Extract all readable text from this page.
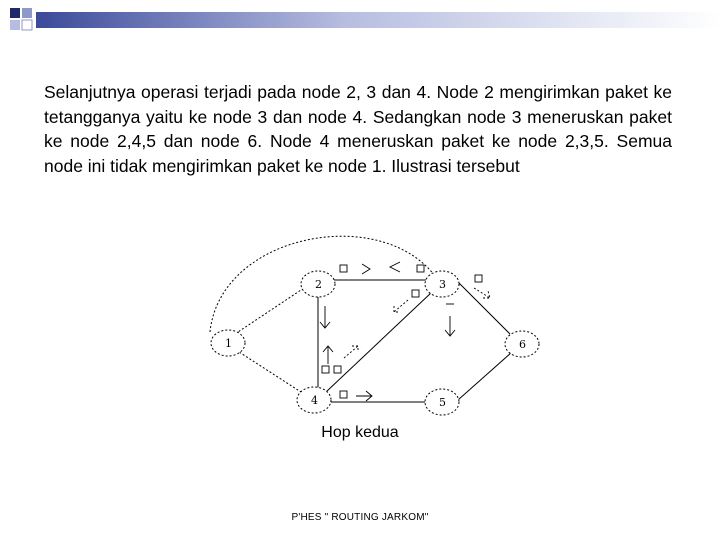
Selanjutnya operasi terjadi pada node 2, 3 dan 4. Node 2 mengirimkan paket ke tetangganya yaitu ke node 3 dan node 4. Sedangkan node 3 meneruskan paket ke node 2,4,5 dan node 6. Node 4 meneruskan paket ke node 2,3,5. Semua node ini tidak mengirimkan paket ke node 1. Ilustrasi tersebut

1
2	3
4	5
6
Hop kedua
P'HES " ROUTING JARKOM"
